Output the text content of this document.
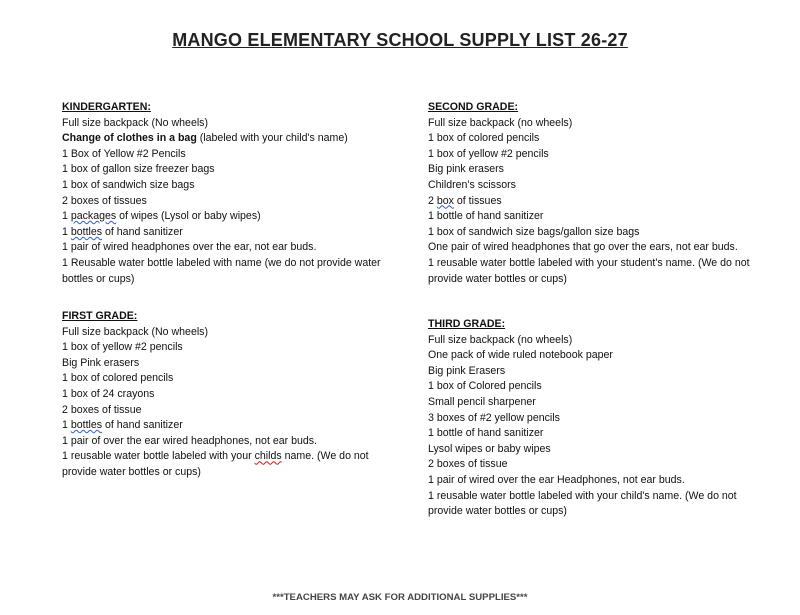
MANGO ELEMENTARY SCHOOL SUPPLY LIST 26-27
KINDERGARTEN:
Full size backpack (No wheels)
Change of clothes in a bag (labeled with your child's name)
1 Box of Yellow #2 Pencils
1 box of gallon size freezer bags
1 box of sandwich size bags
2 boxes of tissues
1 packages of wipes (Lysol or baby wipes)
1 bottles of hand sanitizer
1 pair of wired headphones over the ear, not ear buds.
1 Reusable water bottle labeled with name (we do not provide water bottles or cups)
FIRST GRADE:
Full size backpack (No wheels)
1 box of yellow #2 pencils
Big Pink erasers
1 box of colored pencils
1 box of 24 crayons
2 boxes of tissue
1 bottles of hand sanitizer
1 pair of over the ear wired headphones, not ear buds.
1 reusable water bottle labeled with your childs name. (We do not provide water bottles or cups)
SECOND GRADE:
Full size backpack (no wheels)
1 box of colored pencils
1 box of yellow #2 pencils
Big pink erasers
Children's scissors
2 box of tissues
1 bottle of hand sanitizer
1 box of sandwich size bags/gallon size bags
One pair of wired headphones that go over the ears, not ear buds.
1 reusable water bottle labeled with your student's name. (We do not provide water bottles or cups)
THIRD GRADE:
Full size backpack (no wheels)
One pack of wide ruled notebook paper
Big pink Erasers
1 box of Colored pencils
Small pencil sharpener
3 boxes of #2 yellow pencils
1 bottle of hand sanitizer
Lysol wipes or baby wipes
2 boxes of tissue
1 pair of wired over the ear Headphones, not ear buds.
1 reusable water bottle labeled with your child's name. (We do not provide water bottles or cups)
***TEACHERS MAY ASK FOR ADDITIONAL SUPPLIES***
